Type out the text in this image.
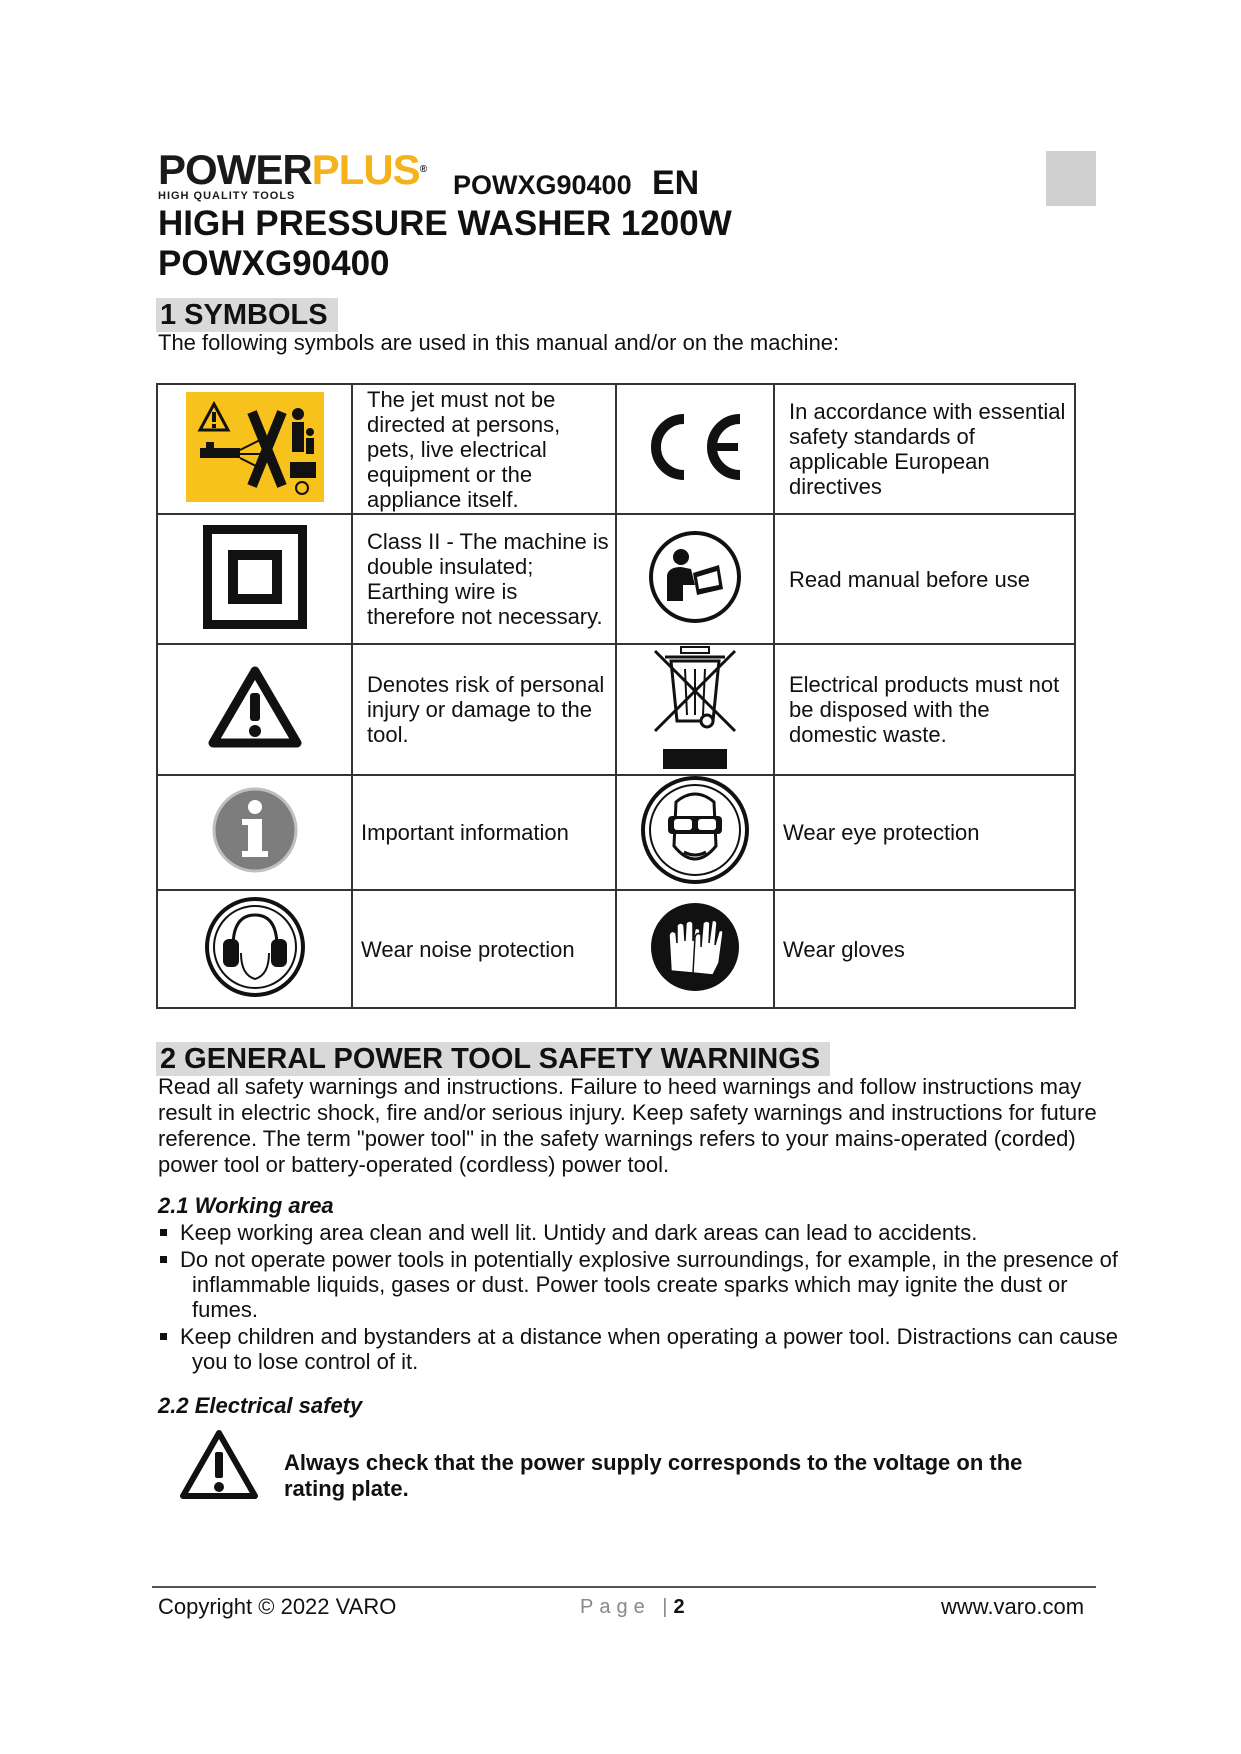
POWERPLUS®
HIGH QUALITY TOOLS	POWXG90400 EN
HIGH PRESSURE WASHER 1200W
POWXG90400
1 SYMBOLS
The following symbols are used in this manual and/or on the machine:
	The jet must not be directed at persons, pets, live electrical equipment or the appliance itself.		In accordance with essential safety standards of applicable European directives
	Class II - The machine is double insulated; Earthing wire is therefore not necessary.		Read manual before use
	Denotes risk of personal injury or damage to the tool.		Electrical products must not be disposed with the domestic waste.
	Important information		Wear eye protection
	Wear noise protection		Wear gloves
2 GENERAL POWER TOOL SAFETY WARNINGS
Read all safety warnings and instructions. Failure to heed warnings and follow instructions may result in electric shock, fire and/or serious injury. Keep safety warnings and instructions for future reference. The term "power tool" in the safety warnings refers to your mains-operated (corded) power tool or battery-operated (cordless) power tool.
2.1 Working area
Keep working area clean and well lit. Untidy and dark areas can lead to accidents.
Do not operate power tools in potentially explosive surroundings, for example, in the presence of inflammable liquids, gases or dust. Power tools create sparks which may ignite the dust or fumes.
Keep children and bystanders at a distance when operating a power tool. Distractions can cause you to lose control of it.
2.2 Electrical safety
Always check that the power supply corresponds to the voltage on the rating plate.
Copyright © 2022 VARO	Page |2	www.varo.com
